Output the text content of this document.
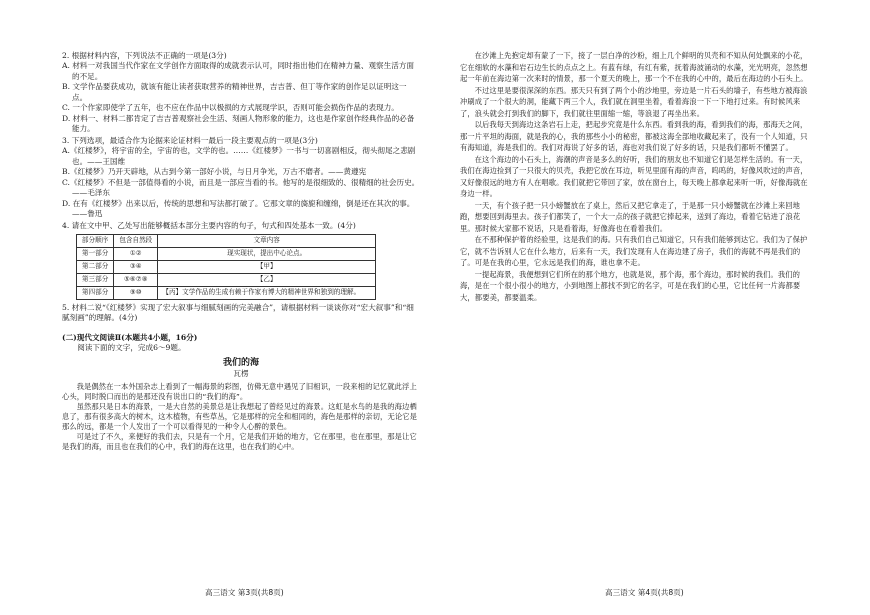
2. 根据材料内容，下列说法不正确的一项是(3分)

A. 材料一对我国当代作家在文学创作方面取得的成就表示认可，同时指出他们在精神力量、观察生活方面的不足。

B. 文学作品要获成功，就该有能让读者获取营养的精神世界，吉吉普、但丁等作家的创作足以证明这一点。

C. 一个作家即使学了五年，也不应在作品中以极损的方式展现学识，否则可能会损伤作品的表现力。

D. 材料一、材料二都肯定了吉吉普观察社会生活、刻画人物形象的能力，这也是作家创作经典作品的必备能力。

3. 下列选项，最适合作为论据来论证材料一最后一段主要观点的一项是(3分)

A.《红楼梦》，将宇宙的全，宇宙的也，文学的也。……《红楼梦》一书与一切喜剧相反，彻头彻尾之悲剧也。——王国维

B.《红楼梦》乃开天辟地，从古到今第一部好小说，与日月争光，万古不磨者。——黄遵宪

C.《红楼梦》不但是一部值得看的小说，而且是一部应当看的书。他写的是很细致的、很精细的社会历史。——毛泽东

D. 在有《红楼梦》出来以后，传统的思想和写法都打破了。它那文章的旖旎和缠绵，倒是还在其次的事。——鲁迅

4. 请在文中甲、乙处写出能够概括本部分主要内容的句子，句式和四处基本一致。(4分)

部分顺序	包含自然段	文章内容
第一部分	①②	现实现状，提出中心论点。
第二部分	③④	【甲】
第三部分	⑤⑥⑦⑧	【乙】
第四部分	⑨⑩	【丙】文学作品的生成有赖于作家有博大的精神世界和独到的理解。

5. 材料二说“《红楼梦》实现了宏大叙事与细腻刻画的完美融合”，请根据材料一谈谈你对“宏大叙事”和“细腻刻画”的理解。(4分)

(二)现代文阅读Ⅱ(本题共4小题，16分)

阅读下面的文字，完成6～9题。

我们的海

瓦楞

我是偶然在一本外国杂志上看到了一幅海景的彩图，仿佛无意中遇见了旧相识，一段来相的记忆就此浮上心头，同时脱口而出的是那还没有说出口的“我们的海”。

虽然那只是日本的海景，一是大自然的美景总是让我想起了曾经见过的海景。这虹是水鸟的是我的海边栖息了，那有很多高大的树木，这木植物，有些草丛，它是那样的完全和相同的，海色是那样的亲切，无论它是那么的远，都是一个人发出了一个可以看得见的一种令人心醉的景色。

可是过了不久，来便好的我们去，只是有一个月，它是我们开始的地方，它在那里，也在那里，那是让它是我们的海，而且也在我们的心中，我们的海在这里，也在我们的心中。

在沙滩上先抱定却有蒙了一下，接了一层白净的沙粉，细上几个鲜明的贝壳和不知从何处飘来的小花，它在细软的水藻和岩石边生长的点点之上。有蓝有绿，有红有紫，抚着海波涌动的水藻，光光明亮，忽然想起一年前在海边第一次来时的情景，那一个夏天的晚上，那一个不在我的心中的，最后在海边的小石头上。

不过这里是要很深深的东西。那天只有到了两个小的沙地里，旁边是一片石头的墙子，有些地方被海浪冲刷成了一个很大的洞，能藏下两三个人，我们就在洞里坐着，看着海浪一下一下地打过来。有时候风来了，浪头就会打到我们的脚下，我们就往里面缩一缩，等浪退了再坐出来。

以后我每天到海边这条岩石上走，把起步究竟是什么东西。看到我的海，看到我们的海，那海天之间，那一片平坦的海面，就是我的心，我的那些小小的秘密，都被这海全部地收藏起来了，没有一个人知道，只有海知道，海是我们的。我们对海说了好多的话，海也对我们说了好多的话，只是我们都听不懂罢了。

在这个海边的小石头上，海潮的声音是多么的好听，我们的朋友也不知道它们是怎样生活的。有一天，我们在海边捡到了一只很大的贝壳，我把它放在耳边，听见里面有海的声音，呜呜的，好像风吹过的声音，又好像很远的地方有人在唱歌。我们就把它带回了家，放在窗台上，每天晚上都拿起来听一听，好像海就在身边一样。

一天，有个孩子把一只小螃蟹放在了桌上，然后又把它拿走了，于是那一只小螃蟹就在沙滩上来回地跑，想要回到海里去。孩子们都笑了，一个大一点的孩子就把它捧起来，送到了海边，看着它钻进了浪花里。那时候大家都不说话，只是看着海，好像海也在看着我们。

在不那种保护着的经验里，这是我们的海。只有我们自己知道它，只有我们能够到达它。我们为了保护它，就不告诉别人它在什么地方，后来有一天，我们发现有人在海边建了房子，我们的海就不再是我们的了。可是在我的心里，它永远是我们的海，谁也拿不走。

一提起海景，我便想到它们所在的那个地方，也就是说，那个海，那个海边，那时候的我们。我们的海，是在一个很小很小的地方，小到地图上都找不到它的名字，可是在我们的心里，它比任何一片海都要大，都要美，都要温柔。

高三语文 第3页(共8页)	高三语文 第4页(共8页)
